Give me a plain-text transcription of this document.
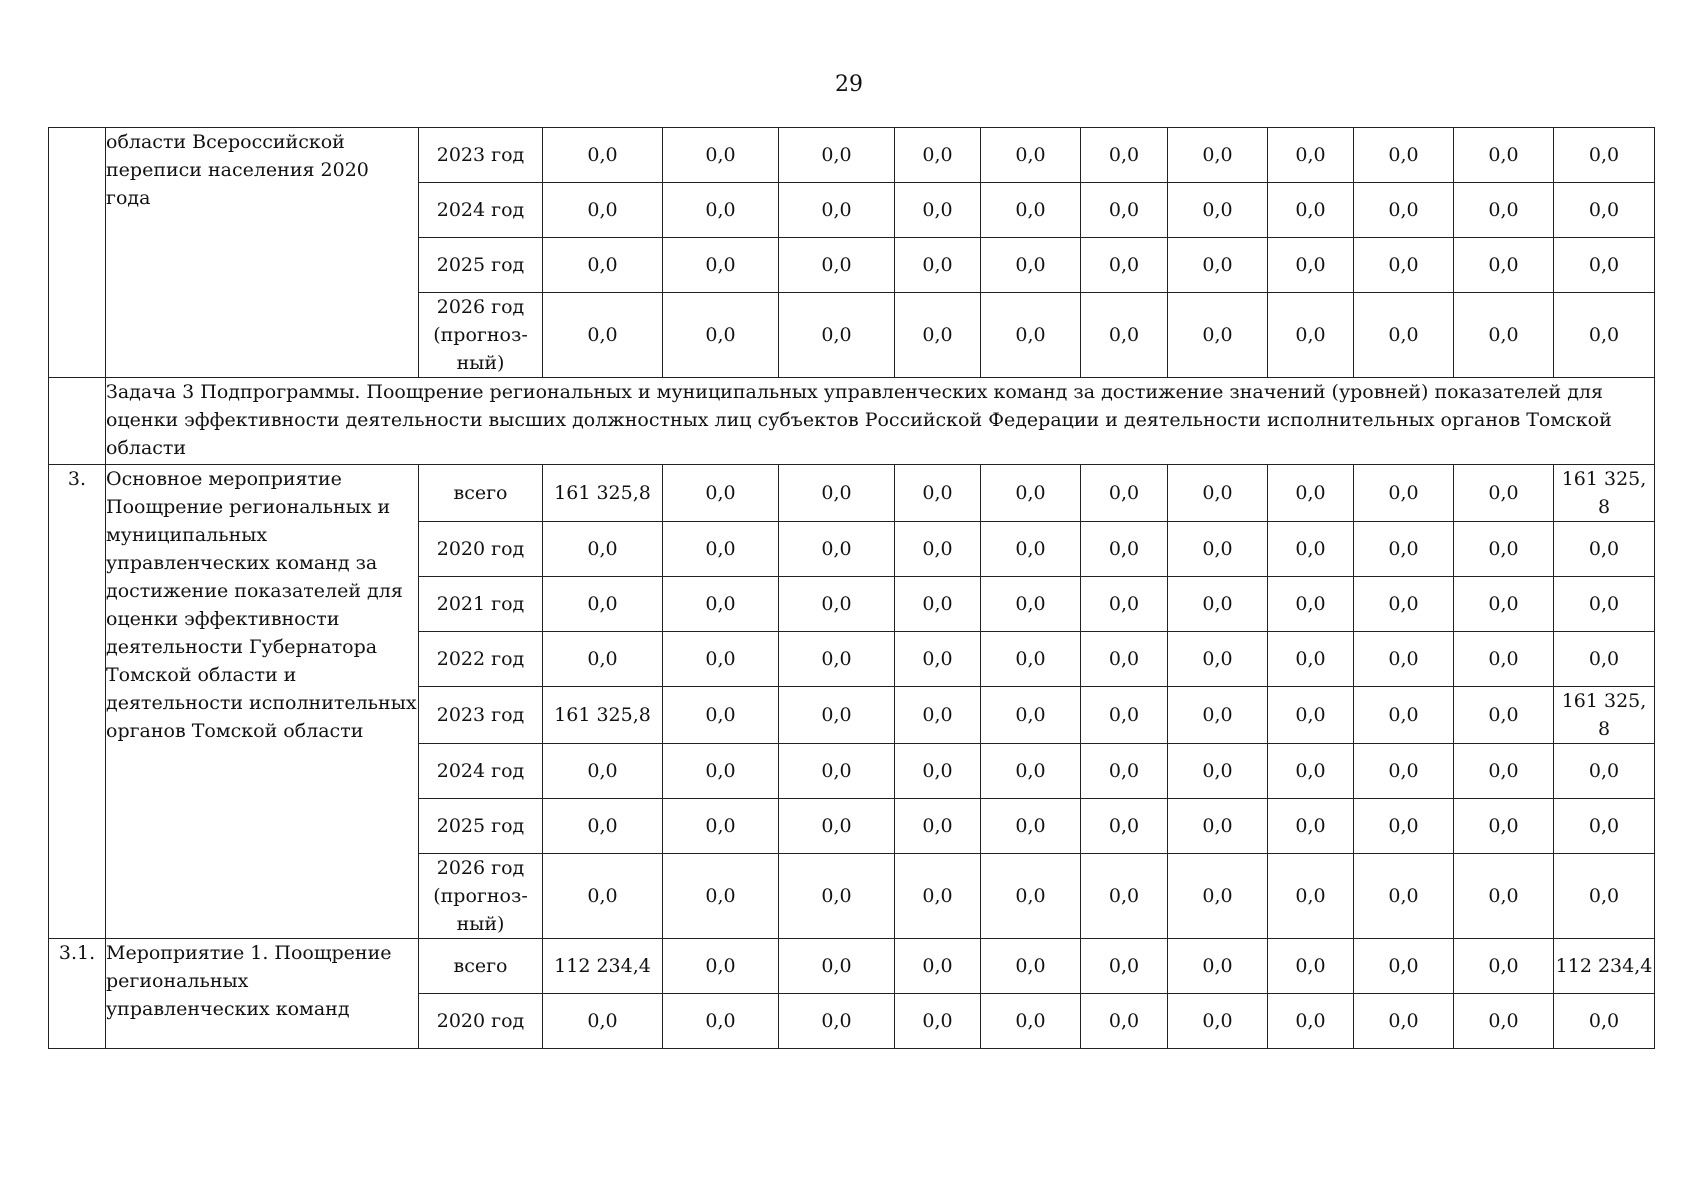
29
	области Всероссийской переписи населения 2020 года	2023 год	0,0	0,0	0,0	0,0	0,0	0,0	0,0	0,0	0,0	0,0	0,0
		2024 год	0,0	0,0	0,0	0,0	0,0	0,0	0,0	0,0	0,0	0,0	0,0
		2025 год	0,0	0,0	0,0	0,0	0,0	0,0	0,0	0,0	0,0	0,0	0,0
		2026 год (прогноз-ный)	0,0	0,0	0,0	0,0	0,0	0,0	0,0	0,0	0,0	0,0	0,0
	Задача 3 Подпрограммы. Поощрение региональных и муниципальных управленческих команд за достижение значений (уровней) показателей для оценки эффективности деятельности высших должностных лиц субъектов Российской Федерации и деятельности исполнительных органов Томской области												
3.	Основное мероприятие Поощрение региональных и муниципальных управленческих команд за достижение показателей для оценки эффективности деятельности Губернатора Томской области и деятельности исполнительных органов Томской области	всего	161 325,8	0,0	0,0	0,0	0,0	0,0	0,0	0,0	0,0	0,0	161 325, 8
		2020 год	0,0	0,0	0,0	0,0	0,0	0,0	0,0	0,0	0,0	0,0	0,0
		2021 год	0,0	0,0	0,0	0,0	0,0	0,0	0,0	0,0	0,0	0,0	0,0
		2022 год	0,0	0,0	0,0	0,0	0,0	0,0	0,0	0,0	0,0	0,0	0,0
		2023 год	161 325,8	0,0	0,0	0,0	0,0	0,0	0,0	0,0	0,0	0,0	161 325, 8
		2024 год	0,0	0,0	0,0	0,0	0,0	0,0	0,0	0,0	0,0	0,0	0,0
		2025 год	0,0	0,0	0,0	0,0	0,0	0,0	0,0	0,0	0,0	0,0	0,0
		2026 год (прогноз-ный)	0,0	0,0	0,0	0,0	0,0	0,0	0,0	0,0	0,0	0,0	0,0
3.1.	Мероприятие 1. Поощрение региональных управленческих команд	всего	112 234,4	0,0	0,0	0,0	0,0	0,0	0,0	0,0	0,0	0,0	112 234,4
		2020 год	0,0	0,0	0,0	0,0	0,0	0,0	0,0	0,0	0,0	0,0	0,0
